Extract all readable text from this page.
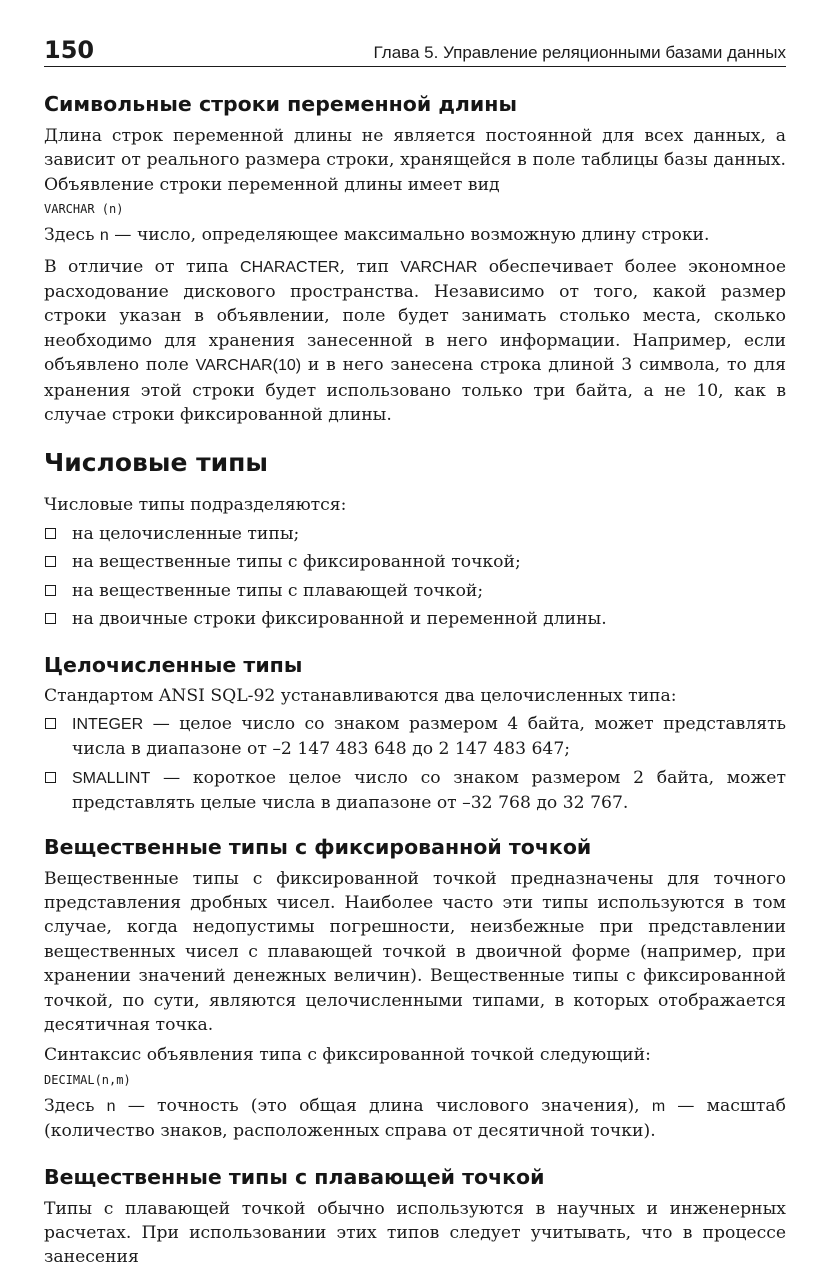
150	Глава 5. Управление реляционными базами данных
Символьные строки переменной длины

Длина строк переменной длины не является постоянной для всех данных, а зависит от реального размера строки, хранящейся в поле таблицы базы данных. Объявление строки переменной длины имеет вид

VARCHAR (n)

Здесь n — число, определяющее максимально возможную длину строки.

В отличие от типа CHARACTER, тип VARCHAR обеспечивает более экономное расходование дискового пространства. Независимо от того, какой размер строки указан в объявлении, поле будет занимать столько места, сколько необходимо для хранения занесенной в него информации. Например, если объявлено поле VARCHAR(10) и в него занесена строка длиной 3 символа, то для хранения этой строки будет использовано только три байта, а не 10, как в случае строки фиксированной длины.

Числовые типы

Числовые типы подразделяются:

на целочисленные типы;
на вещественные типы с фиксированной точкой;
на вещественные типы с плавающей точкой;
на двоичные строки фиксированной и переменной длины.
Целочисленные типы

Стандартом ANSI SQL-92 устанавливаются два целочисленных типа:

INTEGER — целое число со знаком размером 4 байта, может представлять числа в диапазоне от –2 147 483 648 до 2 147 483 647;
SMALLINT — короткое целое число со знаком размером 2 байта, может представлять целые числа в диапазоне от –32 768 до 32 767.
Вещественные типы с фиксированной точкой

Вещественные типы с фиксированной точкой предназначены для точного представления дробных чисел. Наиболее часто эти типы используются в том случае, когда недопустимы погрешности, неизбежные при представлении вещественных чисел с плавающей точкой в двоичной форме (например, при хранении значений денежных величин). Вещественные типы с фиксированной точкой, по сути, являются целочисленными типами, в которых отображается десятичная точка.

Синтаксис объявления типа с фиксированной точкой следующий:

DECIMAL(n,m)

Здесь n — точность (это общая длина числового значения), m — масштаб (количество знаков, расположенных справа от десятичной точки).

Вещественные типы с плавающей точкой

Типы с плавающей точкой обычно используются в научных и инженерных расчетах. При использовании этих типов следует учитывать, что в процессе занесения
